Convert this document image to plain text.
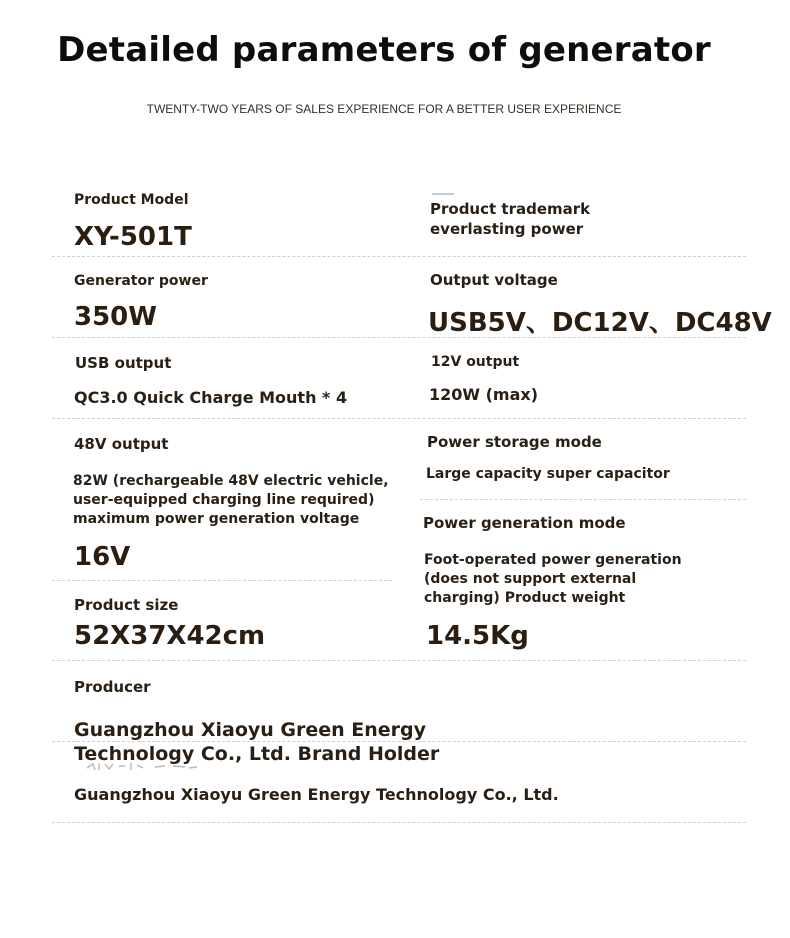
Detailed parameters of generator
TWENTY-TWO YEARS OF SALES EXPERIENCE FOR A BETTER USER EXPERIENCE
Product Model
XY-501T
Product trademark
everlasting power
Generator power
350W
Output voltage
USB5V、DC12V、DC48V
USB output
QC3.0 Quick Charge Mouth * 4
12V output
120W (max)
48V output
82W (rechargeable 48V electric vehicle,
user-equipped charging line required)
maximum power generation voltage
16V
Power storage mode
Large capacity super capacitor
Power generation mode
Foot-operated power generation
(does not support external
charging) Product weight
Product size
52X37X42cm	14.5Kg
Producer
Guangzhou Xiaoyu Green Energy
Technology Co., Ltd. Brand Holder
Guangzhou Xiaoyu Green Energy Technology Co., Ltd.
